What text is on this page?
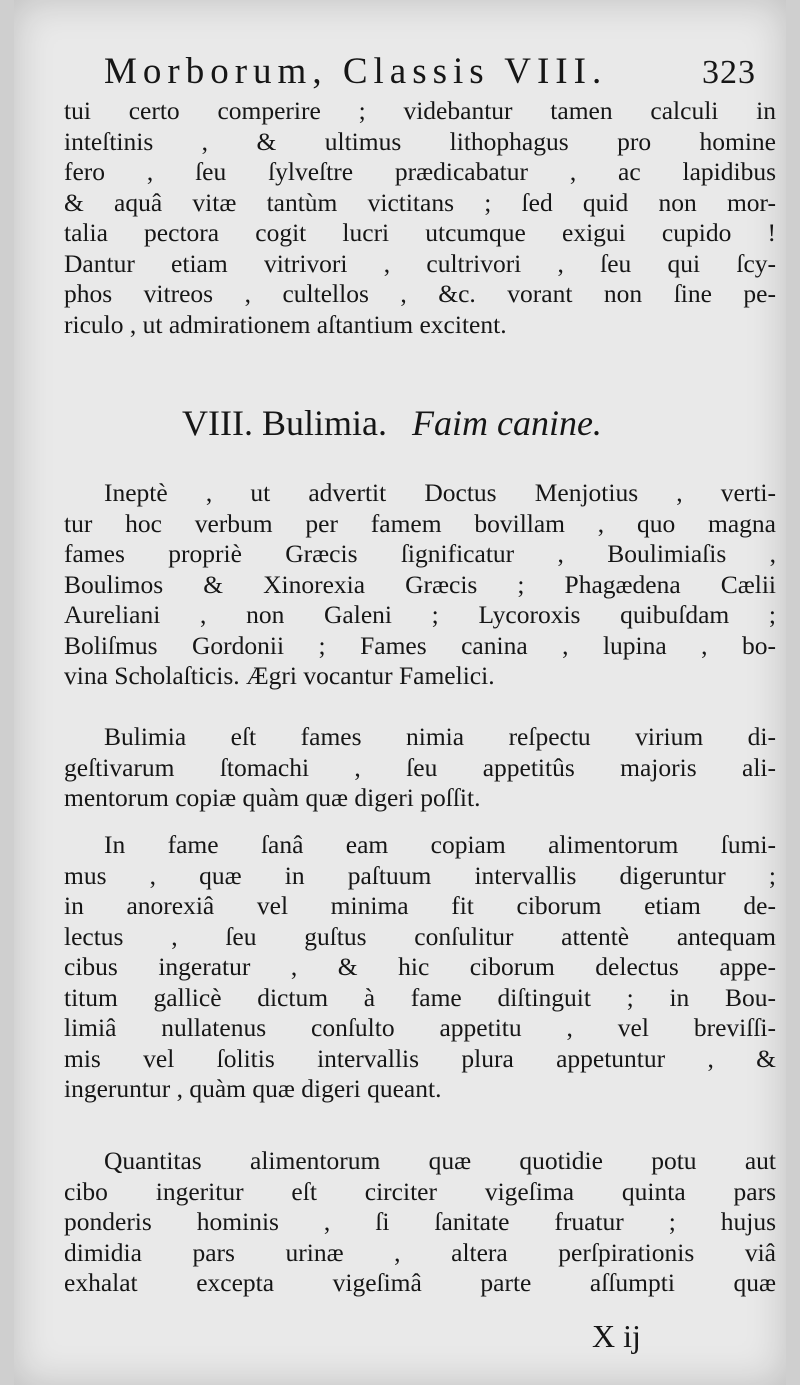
Morborum, Classis VIII.	323
tui certo comperire ; videbantur tamen calculi in
inteſtinis , & ultimus lithophagus pro homine
fero , ſeu ſylveſtre prædicabatur , ac lapidibus
& aquâ vitæ tantùm victitans ; ſed quid non mor-
talia pectora cogit lucri utcumque exigui cupido !
Dantur etiam vitrivori , cultrivori , ſeu qui ſcy-
phos vitreos , cultellos , &c. vorant non ſine pe-
riculo , ut admirationem aſtantium excitent.
VIII. Bulimia. Faim canine.
Ineptè , ut advertit Doctus Menjotius , verti-
tur hoc verbum per famem bovillam , quo magna
fames propriè Græcis ſignificatur , Boulimiaſis ,
Boulimos & Xinorexia Græcis ; Phagædena Cælii
Aureliani , non Galeni ; Lycoroxis quibuſdam ;
Boliſmus Gordonii ; Fames canina , lupina , bo-
vina Scholaſticis. Ægri vocantur Famelici.
Bulimia eſt fames nimia reſpectu virium di-
geſtivarum ſtomachi , ſeu appetitûs majoris ali-
mentorum copiæ quàm quæ digeri poſſit.
In fame ſanâ eam copiam alimentorum ſumi-
mus , quæ in paſtuum intervallis digeruntur ;
in anorexiâ vel minima fit ciborum etiam de-
lectus , ſeu guſtus conſulitur attentè antequam
cibus ingeratur , & hic ciborum delectus appe-
titum gallicè dictum à fame diſtinguit ; in Bou-
limiâ nullatenus conſulto appetitu , vel breviſſi-
mis vel ſolitis intervallis plura appetuntur , &
ingeruntur , quàm quæ digeri queant.
Quantitas alimentorum quæ quotidie potu aut
cibo ingeritur eſt circiter vigeſima quinta pars
ponderis hominis , ſi ſanitate fruatur ; hujus
dimidia pars urinæ , altera perſpirationis viâ
exhalat excepta vigeſimâ parte aſſumpti quæ
X ij
